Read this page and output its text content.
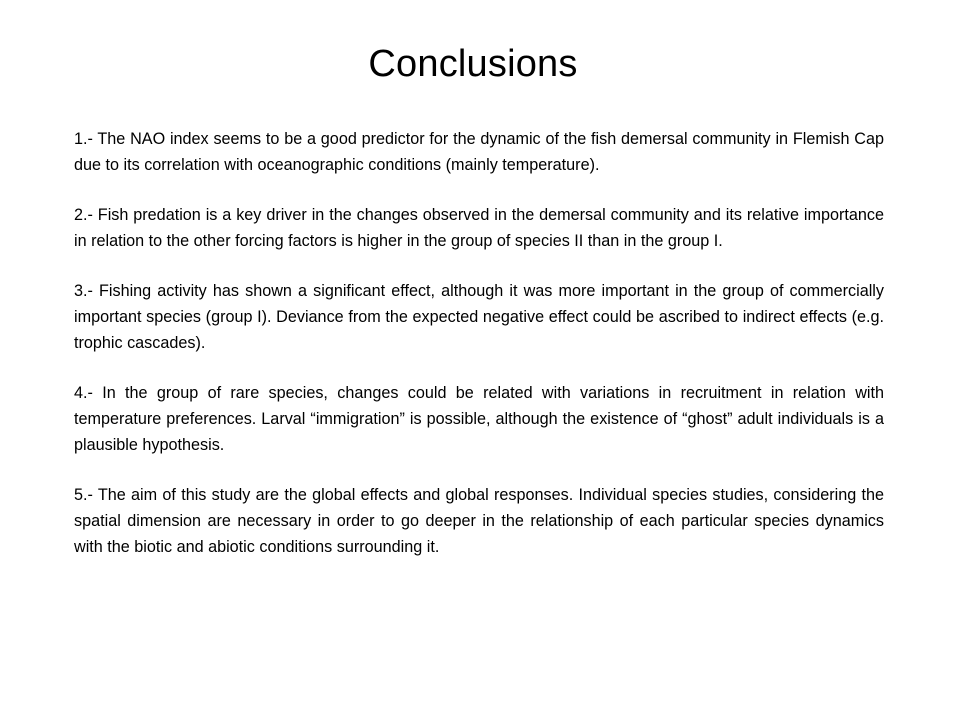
Conclusions

1.- The NAO index seems to be a good predictor for the dynamic of the fish demersal community in Flemish Cap due to its correlation with oceanographic conditions (mainly temperature).

2.- Fish predation is a key driver in the changes observed in the demersal community and its relative importance in relation to the other forcing factors is higher in the group of species II than in the group I.

3.- Fishing activity has shown a significant effect, although it was more important in the group of commercially important species (group I). Deviance from the expected negative effect could be ascribed to indirect effects (e.g. trophic cascades).

4.- In the group of rare species, changes could be related with variations in recruitment in relation with temperature preferences. Larval “immigration” is possible, although the existence of “ghost” adult individuals is a plausible hypothesis.

5.- The aim of this study are the global effects and global responses. Individual species studies, considering the spatial dimension are necessary in order to go deeper in the relationship of each particular species dynamics with the biotic and abiotic conditions surrounding it.
